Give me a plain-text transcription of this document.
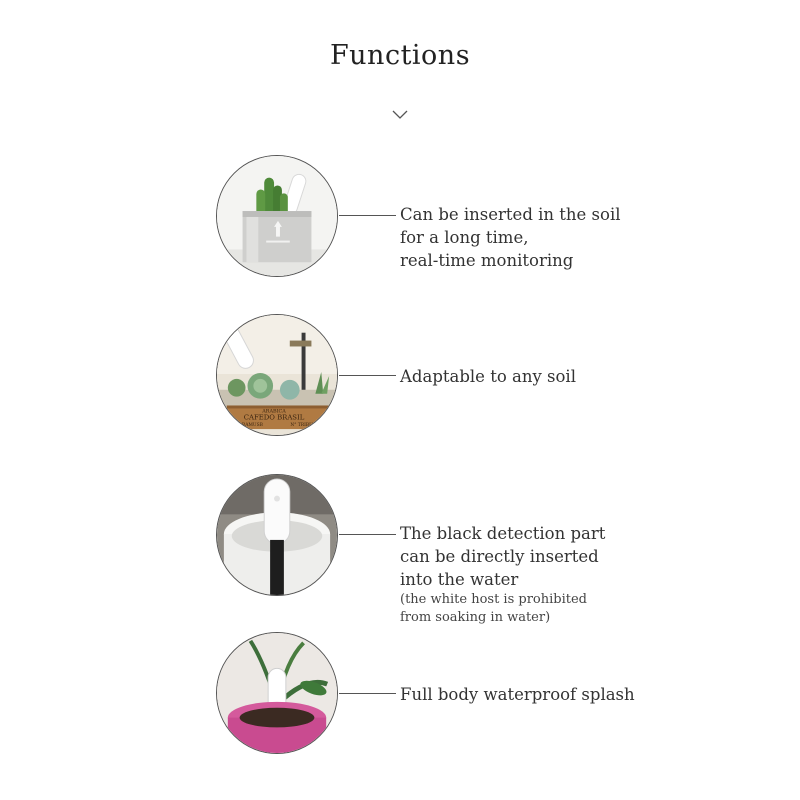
Functions
Can be inserted in the soil
for a long time,
real-time monitoring
ARABICA
CAFEDO BRASIL
RAMUSB	N° TRIBU
Adaptable to any soil
The black detection part
can be directly inserted
into the water
(the white host is prohibited
from soaking in water)
Full body waterproof splash
